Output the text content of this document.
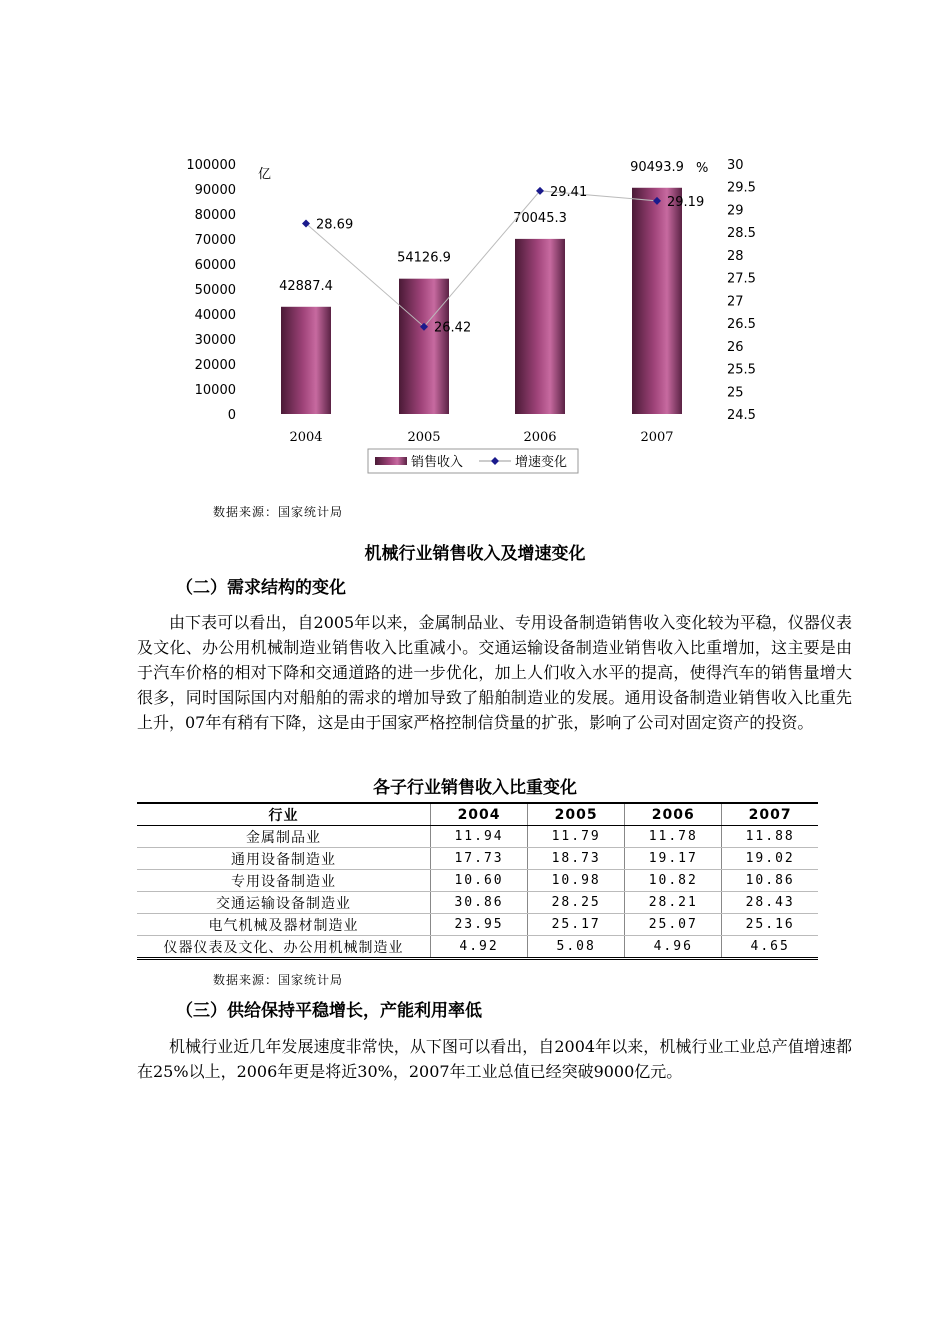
100000
90000
80000
70000
60000
50000
40000
30000
20000
10000
0
30
29.5
29
28.5
28
27.5
27
26.5
26
25.5
25
24.5
亿	%
42887.4
54126.9
70045.3
90493.9
28.69
26.42
29.41
29.19
2004	2005	2006	2007
销售收入	增速变化
数据来源：国家统计局
机械行业销售收入及增速变化
（二）需求结构的变化

由下表可以看出，自2005年以来，金属制品业、专用设备制造销售收入变化较为平稳，仪器仪表及文化、办公用机械制造业销售收入比重减小。交通运输设备制造业销售收入比重增加，这主要是由于汽车价格的相对下降和交通道路的进一步优化，加上人们收入水平的提高，使得汽车的销售量增大很多，同时国际国内对船舶的需求的增加导致了船舶制造业的发展。通用设备制造业销售收入比重先上升，07年有稍有下降，这是由于国家严格控制信贷量的扩张，影响了公司对固定资产的投资。

各子行业销售收入比重变化
行业	2004	2005	2006	2007
金属制品业	11.94	11.79	11.78	11.88
通用设备制造业	17.73	18.73	19.17	19.02
专用设备制造业	10.60	10.98	10.82	10.86
交通运输设备制造业	30.86	28.25	28.21	28.43
电气机械及器材制造业	23.95	25.17	25.07	25.16
仪器仪表及文化、办公用机械制造业	4.92	5.08	4.96	4.65
数据来源：国家统计局
（三）供给保持平稳增长，产能利用率低

机械行业近几年发展速度非常快，从下图可以看出，自2004年以来，机械行业工业总产值增速都在25%以上，2006年更是将近30%，2007年工业总值已经突破9000亿元。
